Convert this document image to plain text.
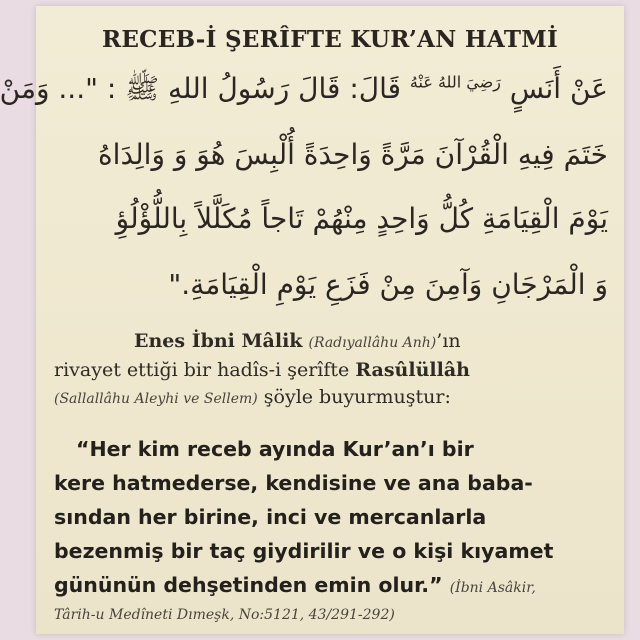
RECEB-İ ŞERÎFTE KUR’AN HATMİ
عَنْ أَنَسٍ $^{رَضِيَ اللهُ عَنْهُ}$ قَالَ: قَالَ رَسُولُ اللهِ ﷺ : "... وَمَنْ
خَتَمَ فِيهِ الْقُرْآنَ مَرَّةً وَاحِدَةً أُلْبِسَ هُوَ وَ وَالِدَاهُ
يَوْمَ الْقِيَامَةِ كُلُّ وَاحِدٍ مِنْهُمْ تَاجاً مُكَلَّلاً بِاللُّؤْلُؤِ
وَ الْمَرْجَانِ وَآمِنَ مِنْ فَزَعِ يَوْمِ الْقِيَامَةِ."
Enes İbni Mâlik (Radıyallâhu Anh)’ın
rivayet ettiği bir hadîs-i şerîfte Rasûlüllâh
(Sallallâhu Aleyhi ve Sellem) şöyle buyurmuştur:
“Her kim receb ayında Kur’an’ı bir
kere hatmederse, kendisine ve ana baba-
sından her birine, inci ve mercanlarla
bezenmiş bir taç giydirilir ve o kişi kıyamet
gününün dehşetinden emin olur.” (İbni Asâkir,
Târih-u Medîneti Dımeşk, No:5121, 43/291-292)
